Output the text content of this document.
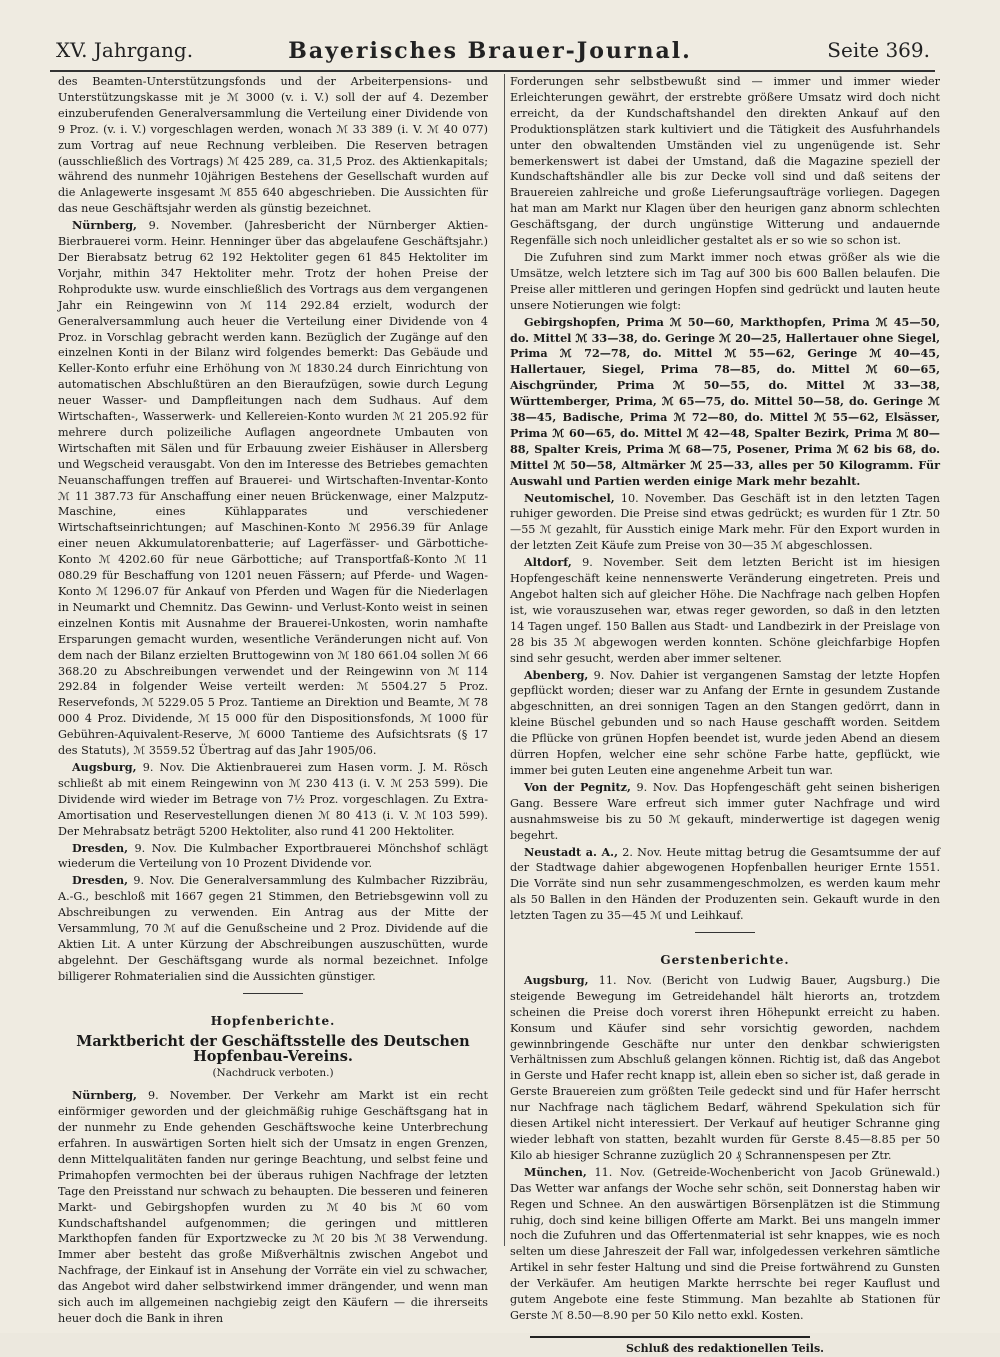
XV. Jahrgang.	Bayerisches Brauer-Journal.	Seite 369.

des Beamten-Unterstützungsfonds und der Arbeiterpensions- und Unterstützungskasse mit je ℳ 3000 (v. i. V.) soll der auf 4. Dezember einzuberufenden Generalversammlung die Verteilung einer Dividende von 9 Proz. (v. i. V.) vorgeschlagen werden, wonach ℳ 33 389 (i. V. ℳ 40 077) zum Vortrag auf neue Rechnung verbleiben. Die Reserven betragen (ausschließlich des Vortrags) ℳ 425 289, ca. 31,5 Proz. des Aktienkapitals; während des nunmehr 10jährigen Bestehens der Gesellschaft wurden auf die Anlagewerte insgesamt ℳ 855 640 abgeschrieben. Die Aussichten für das neue Geschäftsjahr werden als günstig bezeichnet.

Nürnberg, 9. November. (Jahresbericht der Nürnberger Aktien-Bierbrauerei vorm. Heinr. Henninger über das abgelaufene Geschäftsjahr.) Der Bierabsatz betrug 62 192 Hektoliter gegen 61 845 Hektoliter im Vorjahr, mithin 347 Hektoliter mehr. Trotz der hohen Preise der Rohprodukte usw. wurde einschließlich des Vortrags aus dem vergangenen Jahr ein Reingewinn von ℳ 114 292.84 erzielt, wodurch der Generalversammlung auch heuer die Verteilung einer Dividende von 4 Proz. in Vorschlag gebracht werden kann. Bezüglich der Zugänge auf den einzelnen Konti in der Bilanz wird folgendes bemerkt: Das Gebäude und Keller-Konto erfuhr eine Erhöhung von ℳ 1830.24 durch Einrichtung von automatischen Abschlußtüren an den Bieraufzügen, sowie durch Legung neuer Wasser- und Dampfleitungen nach dem Sudhaus. Auf dem Wirtschaften-, Wasserwerk- und Kellereien-Konto wurden ℳ 21 205.92 für mehrere durch polizeiliche Auflagen angeordnete Umbauten von Wirtschaften mit Sälen und für Erbauung zweier Eishäuser in Allersberg und Wegscheid verausgabt. Von den im Interesse des Betriebes gemachten Neuanschaffungen treffen auf Brauerei- und Wirtschaften-Inventar-Konto ℳ 11 387.73 für Anschaffung einer neuen Brückenwage, einer Malzputz-Maschine, eines Kühlapparates und verschiedener Wirtschaftseinrichtungen; auf Maschinen-Konto ℳ 2956.39 für Anlage einer neuen Akkumulatorenbatterie; auf Lagerfässer- und Gärbottiche-Konto ℳ 4202.60 für neue Gärbottiche; auf Transportfaß-Konto ℳ 11 080.29 für Beschaffung von 1201 neuen Fässern; auf Pferde- und Wagen-Konto ℳ 1296.07 für Ankauf von Pferden und Wagen für die Niederlagen in Neumarkt und Chemnitz. Das Gewinn- und Verlust-Konto weist in seinen einzelnen Kontis mit Ausnahme der Brauerei-Unkosten, worin namhafte Ersparungen gemacht wurden, wesentliche Veränderungen nicht auf. Von dem nach der Bilanz erzielten Bruttogewinn von ℳ 180 661.04 sollen ℳ 66 368.20 zu Abschreibungen verwendet und der Reingewinn von ℳ 114 292.84 in folgender Weise verteilt werden: ℳ 5504.27 5 Proz. Reservefonds, ℳ 5229.05 5 Proz. Tantieme an Direktion und Beamte, ℳ 78 000 4 Proz. Dividende, ℳ 15 000 für den Dispositionsfonds, ℳ 1000 für Gebühren-Aquivalent-Reserve, ℳ 6000 Tantieme des Aufsichtsrats (§ 17 des Statuts), ℳ 3559.52 Übertrag auf das Jahr 1905/06.

Augsburg, 9. Nov. Die Aktienbrauerei zum Hasen vorm. J. M. Rösch schließt ab mit einem Reingewinn von ℳ 230 413 (i. V. ℳ 253 599). Die Dividende wird wieder im Betrage von 7½ Proz. vorgeschlagen. Zu Extra-Amortisation und Reservestellungen dienen ℳ 80 413 (i. V. ℳ 103 599). Der Mehrabsatz beträgt 5200 Hektoliter, also rund 41 200 Hektoliter.

Dresden, 9. Nov. Die Kulmbacher Exportbrauerei Mönchshof schlägt wiederum die Verteilung von 10 Prozent Dividende vor.

Dresden, 9. Nov. Die Generalversammlung des Kulmbacher Rizzibräu, A.-G., beschloß mit 1667 gegen 21 Stimmen, den Betriebsgewinn voll zu Abschreibungen zu verwenden. Ein Antrag aus der Mitte der Versammlung, 70 ℳ auf die Genußscheine und 2 Proz. Dividende auf die Aktien Lit. A unter Kürzung der Abschreibungen auszuschütten, wurde abgelehnt. Der Geschäftsgang wurde als normal bezeichnet. Infolge billigerer Rohmaterialien sind die Aussichten günstiger.

Hopfenberichte.
Marktbericht der Geschäftsstelle des Deutschen Hopfenbau-Vereins.
(Nachdruck verboten.)

Nürnberg, 9. November. Der Verkehr am Markt ist ein recht einförmiger geworden und der gleichmäßig ruhige Geschäftsgang hat in der nunmehr zu Ende gehenden Geschäftswoche keine Unterbrechung erfahren. In auswärtigen Sorten hielt sich der Umsatz in engen Grenzen, denn Mittelqualitäten fanden nur geringe Beachtung, und selbst feine und Primahopfen vermochten bei der überaus ruhigen Nachfrage der letzten Tage den Preisstand nur schwach zu behaupten. Die besseren und feineren Markt- und Gebirgshopfen wurden zu ℳ 40 bis ℳ 60 vom Kundschaftshandel aufgenommen; die geringen und mittleren Markthopfen fanden für Exportzwecke zu ℳ 20 bis ℳ 38 Verwendung. Immer aber besteht das große Mißverhältnis zwischen Angebot und Nachfrage, der Einkauf ist in Ansehung der Vorräte ein viel zu schwacher, das Angebot wird daher selbstwirkend immer drängender, und wenn man sich auch im allgemeinen nachgiebig zeigt den Käufern — die ihrerseits heuer doch die Bank in ihren

Forderungen sehr selbstbewußt sind — immer und immer wieder Erleichterungen gewährt, der erstrebte größere Umsatz wird doch nicht erreicht, da der Kundschaftshandel den direkten Ankauf auf den Produktionsplätzen stark kultiviert und die Tätigkeit des Ausfuhrhandels unter den obwaltenden Umständen viel zu ungenügende ist. Sehr bemerkenswert ist dabei der Umstand, daß die Magazine speziell der Kundschaftshändler alle bis zur Decke voll sind und daß seitens der Brauereien zahlreiche und große Lieferungsaufträge vorliegen. Dagegen hat man am Markt nur Klagen über den heurigen ganz abnorm schlechten Geschäftsgang, der durch ungünstige Witterung und andauernde Regenfälle sich noch unleidlicher gestaltet als er so wie so schon ist.

Die Zufuhren sind zum Markt immer noch etwas größer als wie die Umsätze, welch letztere sich im Tag auf 300 bis 600 Ballen belaufen. Die Preise aller mittleren und geringen Hopfen sind gedrückt und lauten heute unsere Notierungen wie folgt:

Gebirgshopfen, Prima ℳ 50—60, Markthopfen, Prima ℳ 45—50, do. Mittel ℳ 33—38, do. Geringe ℳ 20—25, Hallertauer ohne Siegel, Prima ℳ 72—78, do. Mittel ℳ 55—62, Geringe ℳ 40—45, Hallertauer, Siegel, Prima 78—85, do. Mittel ℳ 60—65, Aischgründer, Prima ℳ 50—55, do. Mittel ℳ 33—38, Württemberger, Prima, ℳ 65—75, do. Mittel 50—58, do. Geringe ℳ 38—45, Badische, Prima ℳ 72—80, do. Mittel ℳ 55—62, Elsässer, Prima ℳ 60—65, do. Mittel ℳ 42—48, Spalter Bezirk, Prima ℳ 80—88, Spalter Kreis, Prima ℳ 68—75, Posener, Prima ℳ 62 bis 68, do. Mittel ℳ 50—58, Altmärker ℳ 25—33, alles per 50 Kilogramm. Für Auswahl und Partien werden einige Mark mehr bezahlt.

Neutomischel, 10. November. Das Geschäft ist in den letzten Tagen ruhiger geworden. Die Preise sind etwas gedrückt; es wurden für 1 Ztr. 50—55 ℳ gezahlt, für Ausstich einige Mark mehr. Für den Export wurden in der letzten Zeit Käufe zum Preise von 30—35 ℳ abgeschlossen.

Altdorf, 9. November. Seit dem letzten Bericht ist im hiesigen Hopfengeschäft keine nennenswerte Veränderung eingetreten. Preis und Angebot halten sich auf gleicher Höhe. Die Nachfrage nach gelben Hopfen ist, wie vorauszusehen war, etwas reger geworden, so daß in den letzten 14 Tagen ungef. 150 Ballen aus Stadt- und Landbezirk in der Preislage von 28 bis 35 ℳ abgewogen werden konnten. Schöne gleichfarbige Hopfen sind sehr gesucht, werden aber immer seltener.

Abenberg, 9. Nov. Dahier ist vergangenen Samstag der letzte Hopfen gepflückt worden; dieser war zu Anfang der Ernte in gesundem Zustande abgeschnitten, an drei sonnigen Tagen an den Stangen gedörrt, dann in kleine Büschel gebunden und so nach Hause geschafft worden. Seitdem die Pflücke von grünen Hopfen beendet ist, wurde jeden Abend an diesem dürren Hopfen, welcher eine sehr schöne Farbe hatte, gepflückt, wie immer bei guten Leuten eine angenehme Arbeit tun war.

Von der Pegnitz, 9. Nov. Das Hopfengeschäft geht seinen bisherigen Gang. Bessere Ware erfreut sich immer guter Nachfrage und wird ausnahmsweise bis zu 50 ℳ gekauft, minderwertige ist dagegen wenig begehrt.

Neustadt a. A., 2. Nov. Heute mittag betrug die Gesamtsumme der auf der Stadtwage dahier abgewogenen Hopfenballen heuriger Ernte 1551. Die Vorräte sind nun sehr zusammengeschmolzen, es werden kaum mehr als 50 Ballen in den Händen der Produzenten sein. Gekauft wurde in den letzten Tagen zu 35—45 ℳ und Leihkauf.

Gerstenberichte.

Augsburg, 11. Nov. (Bericht von Ludwig Bauer, Augsburg.) Die steigende Bewegung im Getreidehandel hält hierorts an, trotzdem scheinen die Preise doch vorerst ihren Höhepunkt erreicht zu haben. Konsum und Käufer sind sehr vorsichtig geworden, nachdem gewinnbringende Geschäfte nur unter den denkbar schwierigsten Verhältnissen zum Abschluß gelangen können. Richtig ist, daß das Angebot in Gerste und Hafer recht knapp ist, allein eben so sicher ist, daß gerade in Gerste Brauereien zum größten Teile gedeckt sind und für Hafer herrscht nur Nachfrage nach täglichem Bedarf, während Spekulation sich für diesen Artikel nicht interessiert. Der Verkauf auf heutiger Schranne ging wieder lebhaft von statten, bezahlt wurden für Gerste 8.45—8.85 per 50 Kilo ab hiesiger Schranne zuzüglich 20 ₰ Schrannenspesen per Ztr.

München, 11. Nov. (Getreide-Wochenbericht von Jacob Grünewald.) Das Wetter war anfangs der Woche sehr schön, seit Donnerstag haben wir Regen und Schnee. An den auswärtigen Börsenplätzen ist die Stimmung ruhig, doch sind keine billigen Offerte am Markt. Bei uns mangeln immer noch die Zufuhren und das Offertenmaterial ist sehr knappes, wie es noch selten um diese Jahreszeit der Fall war, infolgedessen verkehren sämtliche Artikel in sehr fester Haltung und sind die Preise fortwährend zu Gunsten der Verkäufer. Am heutigen Markte herrschte bei reger Kauflust und gutem Angebote eine feste Stimmung. Man bezahlte ab Stationen für Gerste ℳ 8.50—8.90 per 50 Kilo netto exkl. Kosten.

Schluß des redaktionellen Teils.
